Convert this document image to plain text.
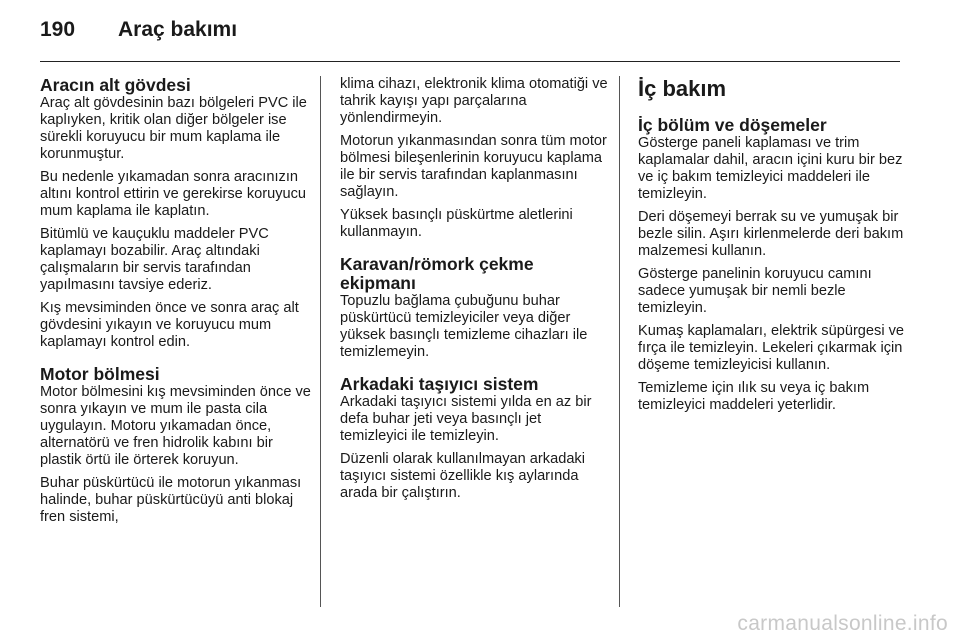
190 Araç bakımı
Aracın alt gövdesi

Araç alt gövdesinin bazı bölgeleri PVC ile kaplıyken, kritik olan diğer bölgeler ise sürekli koruyucu bir mum kaplama ile korunmuştur.

Bu nedenle yıkamadan sonra aracınızın altını kontrol ettirin ve gerekirse koruyucu mum kaplama ile kaplatın.

Bitümlü ve kauçuklu maddeler PVC kaplamayı bozabilir. Araç altındaki çalışmaların bir servis tarafından yapılmasını tavsiye ederiz.

Kış mevsiminden önce ve sonra araç alt gövdesini yıkayın ve koruyucu mum kaplamayı kontrol edin.

Motor bölmesi

Motor bölmesini kış mevsiminden önce ve sonra yıkayın ve mum ile pasta cila uygulayın. Motoru yıkamadan önce, alternatörü ve fren hidrolik kabını bir plastik örtü ile örterek koruyun.

Buhar püskürtücü ile motorun yıkanması halinde, buhar püskürtücüyü anti blokaj fren sistemi,

klima cihazı, elektronik klima otomatiği ve tahrik kayışı yapı parçalarına yönlendirmeyin.

Motorun yıkanmasından sonra tüm motor bölmesi bileşenlerinin koruyucu kaplama ile bir servis tarafından kaplanmasını sağlayın.

Yüksek basınçlı püskürtme aletlerini kullanmayın.

Karavan/römork çekme ekipmanı

Topuzlu bağlama çubuğunu buhar püskürtücü temizleyiciler veya diğer yüksek basınçlı temizleme cihazları ile temizlemeyin.

Arkadaki taşıyıcı sistem

Arkadaki taşıyıcı sistemi yılda en az bir defa buhar jeti veya basınçlı jet temizleyici ile temizleyin.

Düzenli olarak kullanılmayan arkadaki taşıyıcı sistemi özellikle kış aylarında arada bir çalıştırın.

İç bakım
İç bölüm ve döşemeler

Gösterge paneli kaplaması ve trim kaplamalar dahil, aracın içini kuru bir bez ve iç bakım temizleyici maddeleri ile temizleyin.

Deri döşemeyi berrak su ve yumuşak bir bezle silin. Aşırı kirlenmelerde deri bakım malzemesi kullanın.

Gösterge panelinin koruyucu camını sadece yumuşak bir nemli bezle temizleyin.

Kumaş kaplamaları, elektrik süpürgesi ve fırça ile temizleyin. Lekeleri çıkarmak için döşeme temizleyicisi kullanın.

Temizleme için ılık su veya iç bakım temizleyici maddeleri yeterlidir.

carmanualsonline.info
